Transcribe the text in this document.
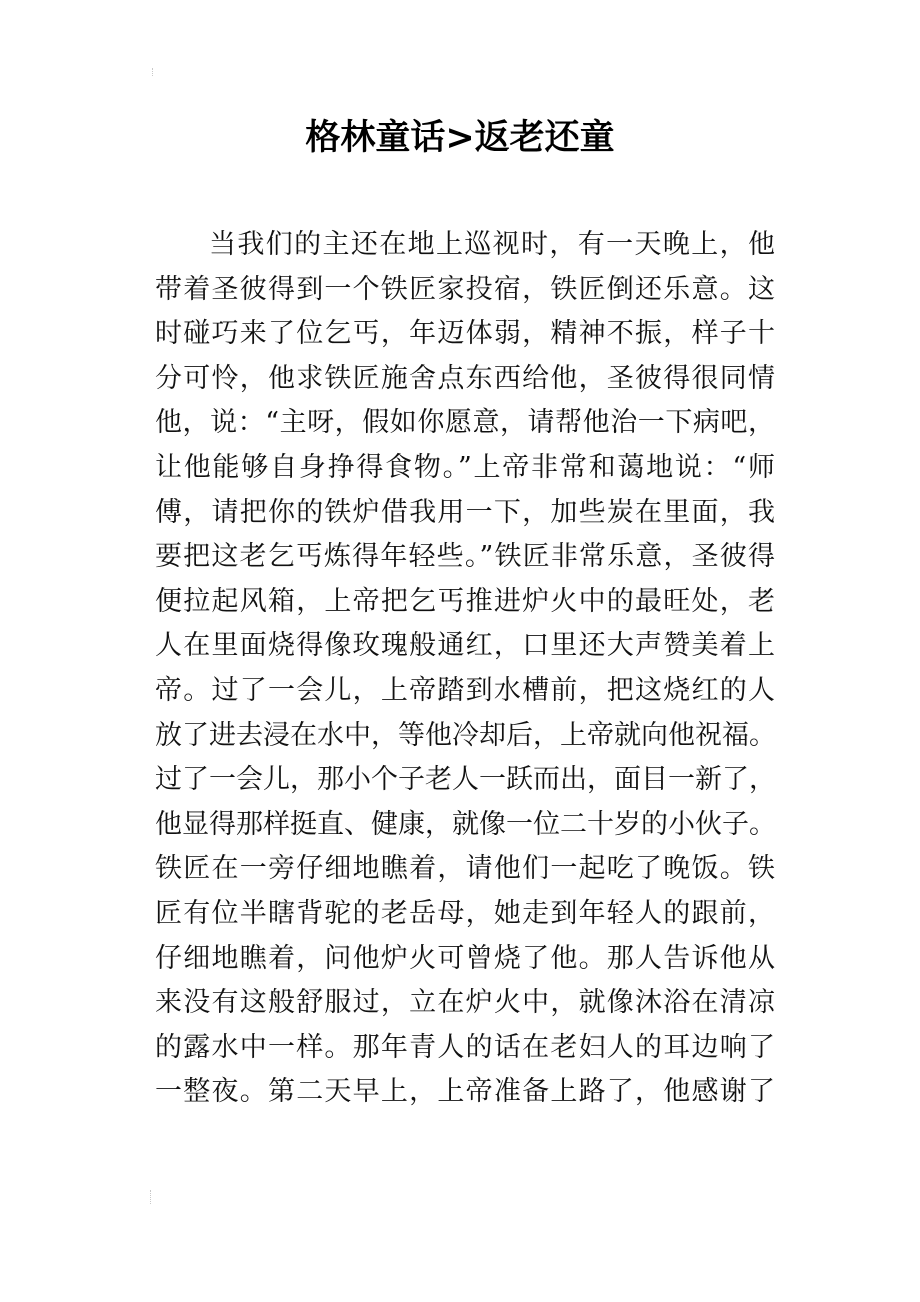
格林童话>返老还童
当我们的主还在地上巡视时，有一天晚上，他
带着圣彼得到一个铁匠家投宿，铁匠倒还乐意。这
时碰巧来了位乞丐，年迈体弱，精神不振，样子十
分可怜，他求铁匠施舍点东西给他，圣彼得很同情
他，说：“主呀，假如你愿意，请帮他治一下病吧，
让他能够自身挣得食物。”上帝非常和蔼地说：“师
傅，请把你的铁炉借我用一下，加些炭在里面，我
要把这老乞丐炼得年轻些。”铁匠非常乐意，圣彼得
便拉起风箱，上帝把乞丐推进炉火中的最旺处，老
人在里面烧得像玫瑰般通红，口里还大声赞美着上
帝。过了一会儿，上帝踏到水槽前，把这烧红的人
放了进去浸在水中，等他冷却后，上帝就向他祝福。
过了一会儿，那小个子老人一跃而出，面目一新了，
他显得那样挺直、健康，就像一位二十岁的小伙子。
铁匠在一旁仔细地瞧着，请他们一起吃了晚饭。铁
匠有位半瞎背驼的老岳母，她走到年轻人的跟前，
仔细地瞧着，问他炉火可曾烧了他。那人告诉他从
来没有这般舒服过，立在炉火中，就像沐浴在清凉
的露水中一样。那年青人的话在老妇人的耳边响了
一整夜。第二天早上，上帝准备上路了，他感谢了
